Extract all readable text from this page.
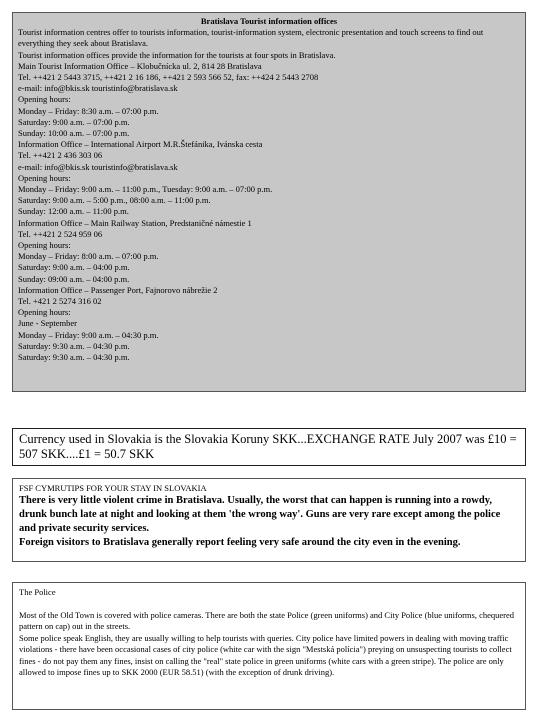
Bratislava Tourist information offices
Tourist information centres offer to tourists information, tourist-information system, electronic presentation and touch screens to find out everything they seek about Bratislava.
Tourist information offices provide the information for the tourists at four spots in Bratislava.
Main Tourist Information Office – Klobučnícka ul. 2, 814 28 Bratislava
Tel. ++421 2 5443 3715, ++421 2 16 186, ++421 2 593 566 52, fax: ++424 2 5443 2708
e-mail: info@bkis.sk touristinfo@bratislava.sk
Opening hours:
Monday – Friday: 8:30 a.m. – 07:00 p.m.
Saturday: 9:00 a.m. – 07:00 p.m.
Sunday: 10:00 a.m. – 07:00 p.m.
Information Office – International Airport M.R.Štefánika, Ivánska cesta
Tel. ++421 2 436 303 06
e-mail: info@bkis.sk touristinfo@bratislava.sk
Opening hours:
Monday – Friday: 9:00 a.m. – 11:00 p.m., Tuesday: 9:00 a.m. – 07:00 p.m.
Saturday: 9:00 a.m. – 5:00 p.m., 08:00 a.m. – 11:00 p.m.
Sunday: 12:00 a.m. – 11:00 p.m.
Information Office – Main Railway Station, Predstaničné námestie 1
Tel. ++421 2 524 959 06
Opening hours:
Monday – Friday: 8:00 a.m. – 07:00 p.m.
Saturday: 9:00 a.m. – 04:00 p.m.
Sunday: 09:00 a.m. – 04:00 p.m.
Information Office – Passenger Port, Fajnorovo nábrežie 2
Tel. +421 2 5274 316 02
Opening hours:
June - September
Monday – Friday: 9:00 a.m. – 04:30 p.m.
Saturday: 9:30 a.m. – 04:30 p.m.
Saturday: 9:30 a.m. – 04:30 p.m.
Currency used in Slovakia is the Slovakia Koruny SKK...EXCHANGE RATE July 2007 was £10 = 507 SKK....£1 = 50.7 SKK
FSF CYMRUTIPS FOR YOUR STAY IN SLOVAKIA
There is very little violent crime in Bratislava. Usually, the worst that can happen is running into a rowdy, drunk bunch late at night and looking at them 'the wrong way'. Guns are very rare except among the police and private security services.
Foreign visitors to Bratislava generally report feeling very safe around the city even in the evening.
The Police
Most of the Old Town is covered with police cameras. There are both the state Police (green uniforms) and City Police (blue uniforms, chequered pattern on cap) out in the streets.
Some police speak English, they are usually willing to help tourists with queries. City police have limited powers in dealing with moving traffic violations - there have been occasional cases of city police (white car with the sign "Mestská polícia") preying on unsuspecting tourists to collect fines - do not pay them any fines, insist on calling the "real" state police in green uniforms (white cars with a green stripe). The police are only allowed to impose fines up to SKK 2000 (EUR 58.51) (with the exception of drunk driving).
